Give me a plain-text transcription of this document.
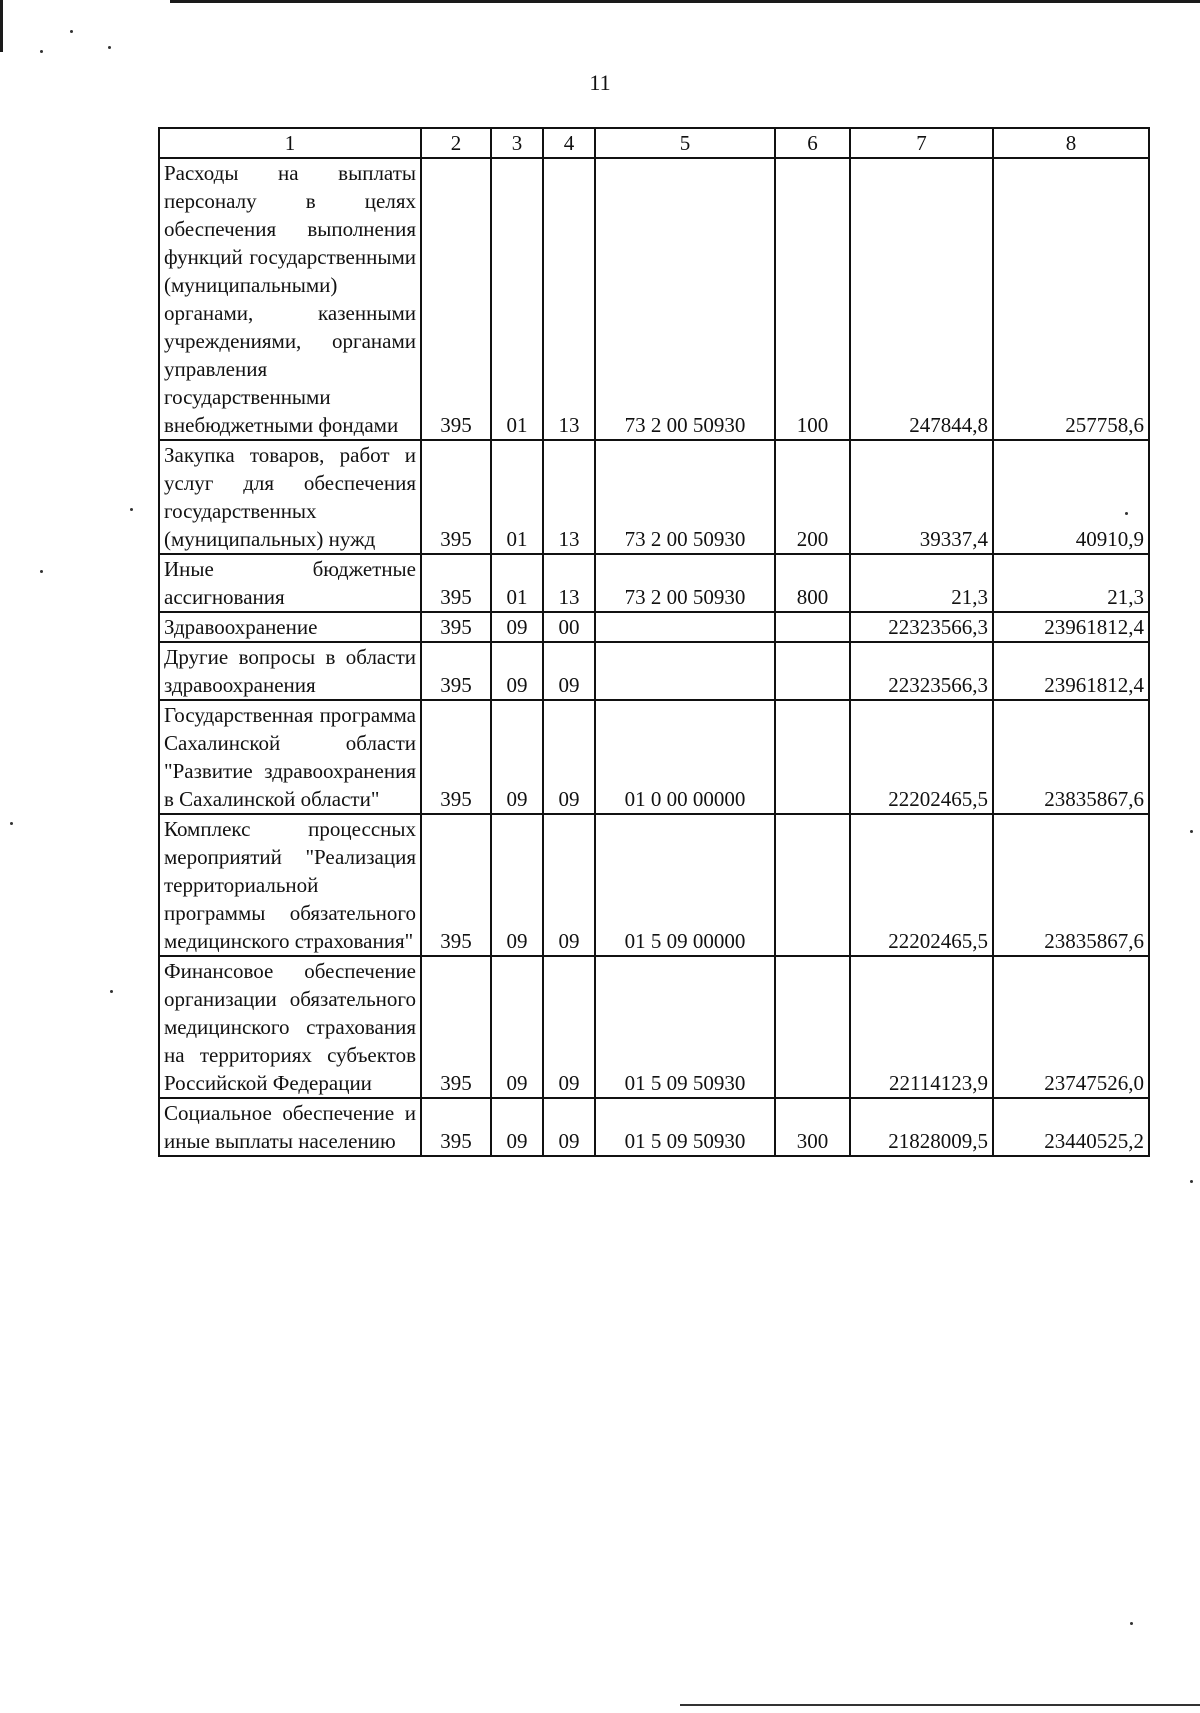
11
1	2	3	4	5	6	7	8
Расходы на выплаты персоналу в целях обеспечения выполнения функций государственными (муниципальными) органами, казенными учреждениями, органами управления государственными внебюджетными фондами	395	01	13	73 2 00 50930	100	247844,8	257758,6
Закупка товаров, работ и услуг для обеспечения государственных (муниципальных) нужд	395	01	13	73 2 00 50930	200	39337,4	40910,9
Иные бюджетные ассигнования	395	01	13	73 2 00 50930	800	21,3	21,3
Здравоохранение	395	09	00			22323566,3	23961812,4
Другие вопросы в области здравоохранения	395	09	09			22323566,3	23961812,4
Государственная программа Сахалинской области "Развитие здравоохранения в Сахалинской области"	395	09	09	01 0 00 00000		22202465,5	23835867,6
Комплекс процессных мероприятий "Реализация территориальной программы обязательного медицинского страхования"	395	09	09	01 5 09 00000		22202465,5	23835867,6
Финансовое обеспечение организации обязательного медицинского страхования на территориях субъектов Российской Федерации	395	09	09	01 5 09 50930		22114123,9	23747526,0
Социальное обеспечение и иные выплаты населению	395	09	09	01 5 09 50930	300	21828009,5	23440525,2
